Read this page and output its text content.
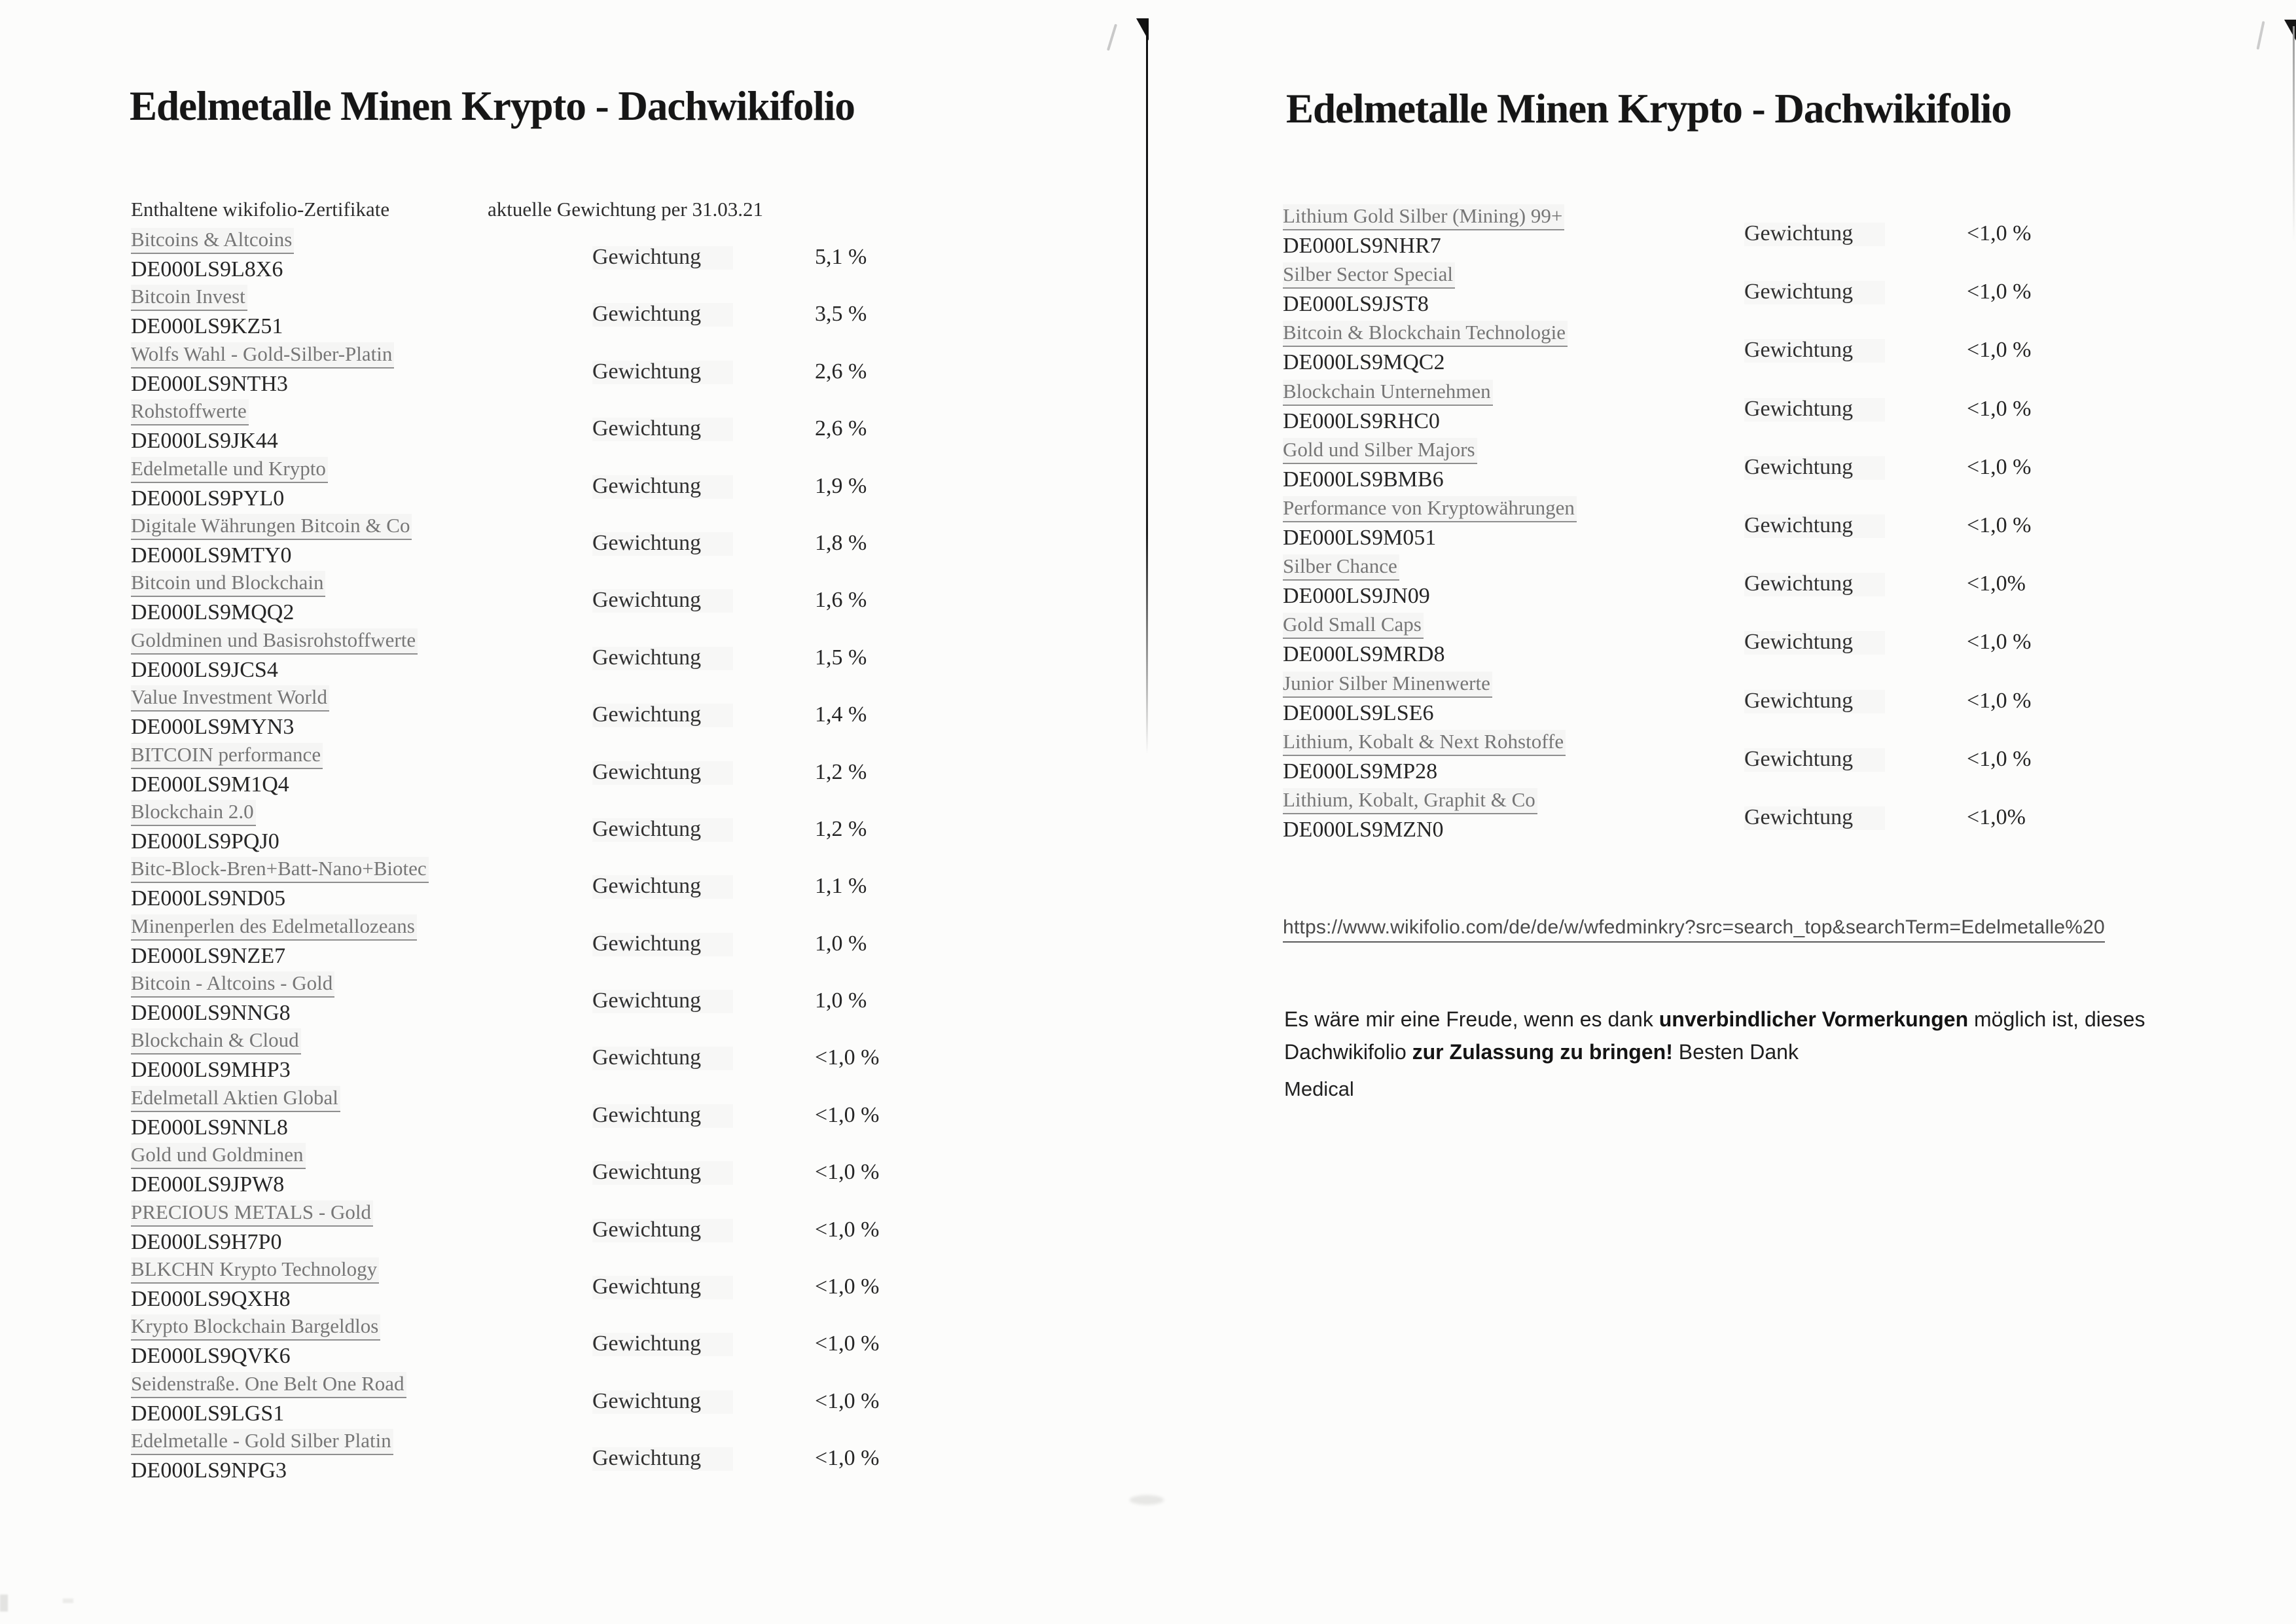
Edelmetalle Minen Krypto - Dachwikifolio
Enthaltene wikifolio-Zertifikate	aktuelle Gewichtung per 31.03.21
Bitcoins & Altcoins
DE000LS9L8X6
Gewichtung	5,1 %
Bitcoin Invest
DE000LS9KZ51
Gewichtung	3,5 %
Wolfs Wahl - Gold-Silber-Platin
DE000LS9NTH3
Gewichtung	2,6 %
Rohstoffwerte
DE000LS9JK44
Gewichtung	2,6 %
Edelmetalle und Krypto
DE000LS9PYL0
Gewichtung	1,9 %
Digitale Währungen Bitcoin & Co
DE000LS9MTY0
Gewichtung	1,8 %
Bitcoin und Blockchain
DE000LS9MQQ2
Gewichtung	1,6 %
Goldminen und Basisrohstoffwerte
DE000LS9JCS4
Gewichtung	1,5 %
Value Investment World
DE000LS9MYN3
Gewichtung	1,4 %
BITCOIN performance
DE000LS9M1Q4
Gewichtung	1,2 %
Blockchain 2.0
DE000LS9PQJ0
Gewichtung	1,2 %
Bitc-Block-Bren+Batt-Nano+Biotec
DE000LS9ND05
Gewichtung	1,1 %
Minenperlen des Edelmetallozeans
DE000LS9NZE7
Gewichtung	1,0 %
Bitcoin - Altcoins - Gold
DE000LS9NNG8
Gewichtung	1,0 %
Blockchain & Cloud
DE000LS9MHP3
Gewichtung	<1,0 %
Edelmetall Aktien Global
DE000LS9NNL8
Gewichtung	<1,0 %
Gold und Goldminen
DE000LS9JPW8
Gewichtung	<1,0 %
PRECIOUS METALS - Gold
DE000LS9H7P0
Gewichtung	<1,0 %
BLKCHN Krypto Technology
DE000LS9QXH8
Gewichtung	<1,0 %
Krypto Blockchain Bargeldlos
DE000LS9QVK6
Gewichtung	<1,0 %
Seidenstraße. One Belt One Road
DE000LS9LGS1
Gewichtung	<1,0 %
Edelmetalle - Gold Silber Platin
DE000LS9NPG3
Gewichtung	<1,0 %
Edelmetalle Minen Krypto - Dachwikifolio
Lithium Gold Silber (Mining) 99+
DE000LS9NHR7
Gewichtung	<1,0 %
Silber Sector Special
DE000LS9JST8
Gewichtung	<1,0 %
Bitcoin & Blockchain Technologie
DE000LS9MQC2
Gewichtung	<1,0 %
Blockchain Unternehmen
DE000LS9RHC0
Gewichtung	<1,0 %
Gold und Silber Majors
DE000LS9BMB6
Gewichtung	<1,0 %
Performance von Kryptowährungen
DE000LS9M051
Gewichtung	<1,0 %
Silber Chance
DE000LS9JN09
Gewichtung	<1,0%
Gold Small Caps
DE000LS9MRD8
Gewichtung	<1,0 %
Junior Silber Minenwerte
DE000LS9LSE6
Gewichtung	<1,0 %
Lithium, Kobalt & Next Rohstoffe
DE000LS9MP28
Gewichtung	<1,0 %
Lithium, Kobalt, Graphit & Co
DE000LS9MZN0
Gewichtung	<1,0%
https://www.wikifolio.com/de/de/w/wfedminkry?src=search_top&searchTerm=Edelmetalle%20
Es wäre mir eine Freude, wenn es dank unverbindlicher Vormerkungen möglich ist, dieses
Dachwikifolio zur Zulassung zu bringen! Besten Dank
Medical
